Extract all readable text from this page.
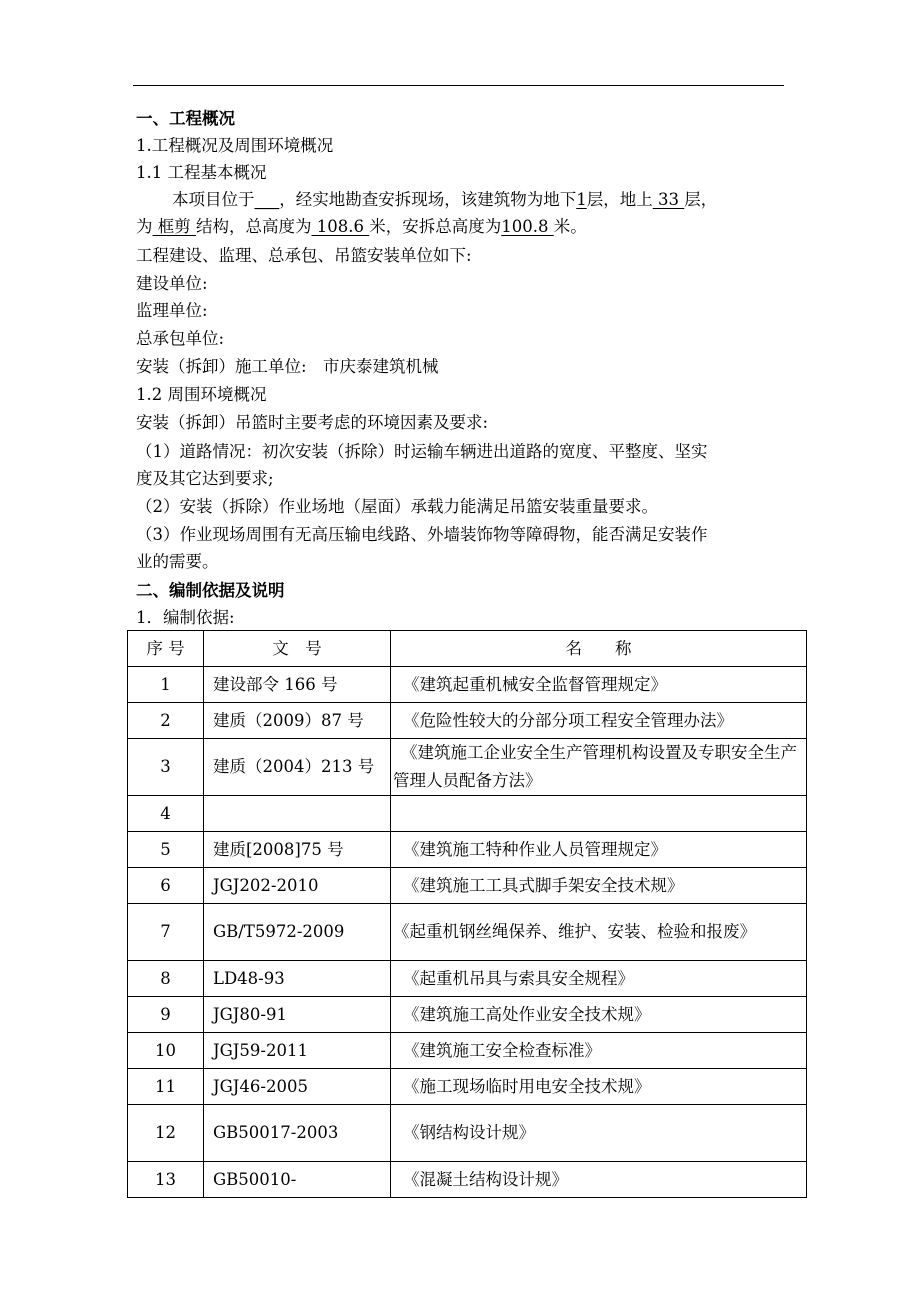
一、工程概况
1.工程概况及周围环境概况
1.1 工程基本概况
本项目位于___，经实地勘查安拆现场，该建筑物为地下1层，地上 33 层，
为 框剪 结构，总高度为 108.6 米，安拆总高度为100.8 米。
工程建设、监理、总承包、吊篮安装单位如下:
建设单位:
监理单位:
总承包单位:
安装（拆卸）施工单位:　市庆泰建筑机械
1.2 周围环境概况
安装（拆卸）吊篮时主要考虑的环境因素及要求:
（1）道路情况：初次安装（拆除）时运输车辆进出道路的宽度、平整度、坚实
度及其它达到要求;
（2）安装（拆除）作业场地（屋面）承载力能满足吊篮安装重量要求。
（3）作业现场周围有无高压输电线路、外墙装饰物等障碍物，能否满足安装作
业的需要。
二、编制依据及说明
1．编制依据:
序 号	文　号	名　　称
1	建设部令 166 号	《建筑起重机械安全监督管理规定》
2	建质（2009）87 号	《危险性较大的分部分项工程安全管理办法》
3	建质（2004）213 号	《建筑施工企业安全生产管理机构设置及专职安全生产管理人员配备方法》
4		
5	建质[2008]75 号	《建筑施工特种作业人员管理规定》
6	JGJ202-2010	《建筑施工工具式脚手架安全技术规》
7	GB/T5972-2009	《起重机钢丝绳保养、维护、安装、检验和报废》
8	LD48-93	《起重机吊具与索具安全规程》
9	JGJ80-91	《建筑施工高处作业安全技术规》
10	JGJ59-2011	《建筑施工安全检查标准》
11	JGJ46-2005	《施工现场临时用电安全技术规》
12	GB50017-2003	《钢结构设计规》
13	GB50010-	《混凝土结构设计规》
